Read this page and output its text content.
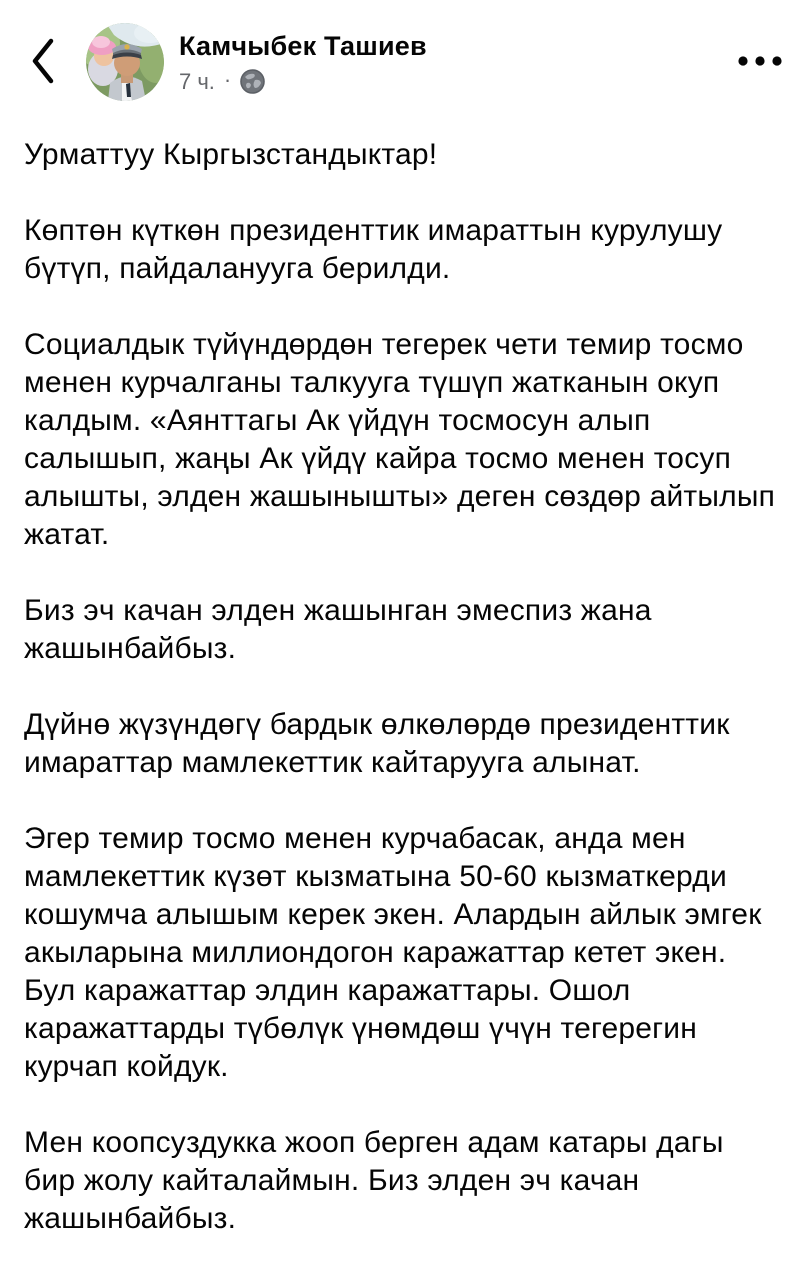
Камчыбек Ташиев
7 ч. ·

Урматтуу Кыргызстандыктар!

Көптөн күткөн президенттик имараттын курулушу бүтүп, пайдаланууга берилди.

Социалдык түйүндөрдөн тегерек чети темир тосмо менен курчалганы талкууга түшүп жатканын окуп калдым. «Аянттагы Ак үйдүн тосмосун алып салышып, жаңы Ак үйдү кайра тосмо менен тосуп алышты, элден жашынышты» деген сөздөр айтылып жатат.

Биз эч качан элден жашынган эмеспиз жана жашынбайбыз.

Дүйнө жүзүндөгү бардык өлкөлөрдө президенттик имараттар мамлекеттик кайтарууга алынат.

Эгер темир тосмо менен курчабасак, анда мен мамлекеттик күзөт кызматына 50-60 кызматкерди кошумча алышым керек экен. Алардын айлык эмгек акыларына миллиондогон каражаттар кетет экен. Бул каражаттар элдин каражаттары. Ошол каражаттарды түбөлүк үнөмдөш үчүн тегерегин курчап койдук.

Мен коопсуздукка жооп берген адам катары дагы бир жолу кайталаймын. Биз элден эч качан жашынбайбыз.
